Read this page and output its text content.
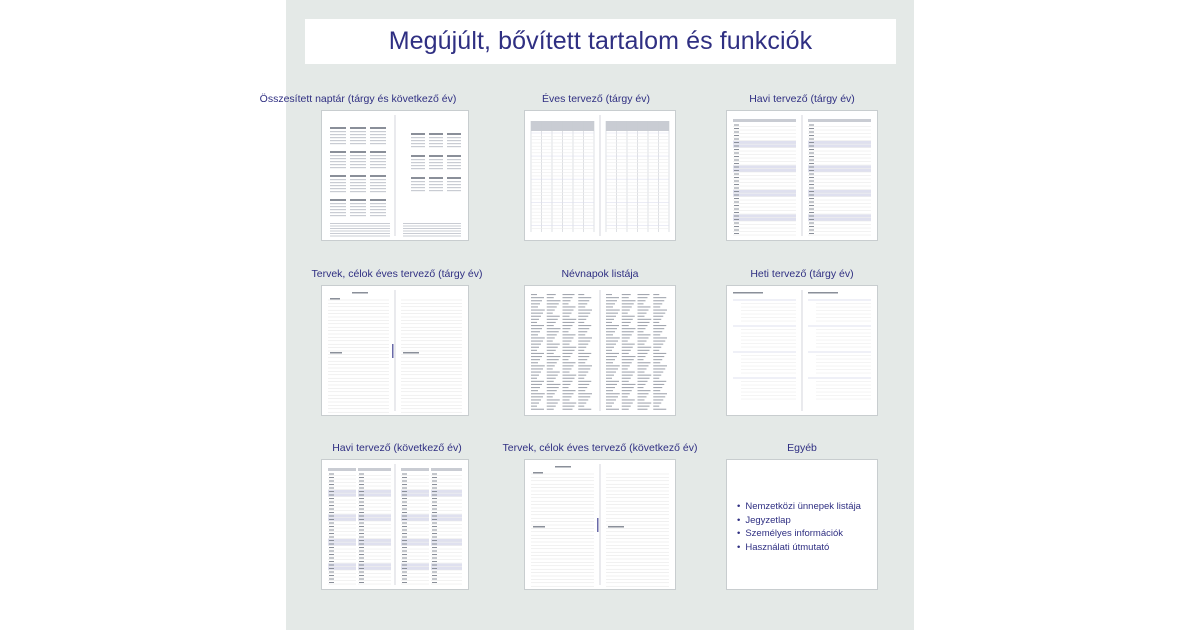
Megújúlt, bővített tartalom és funkciók
Összesített naptár (tárgy és következő év)	Éves tervező (tárgy év)	Havi tervező (tárgy év)
Tervek, célok éves tervező (tárgy év)	Névnapok listája	Heti tervező (tárgy év)
Havi tervező (következő év)	Tervek, célok éves tervező (következő év)	Egyéb
• Nemzetközi ünnepek listája
• Jegyzetlap
• Személyes információk
• Használati útmutató
